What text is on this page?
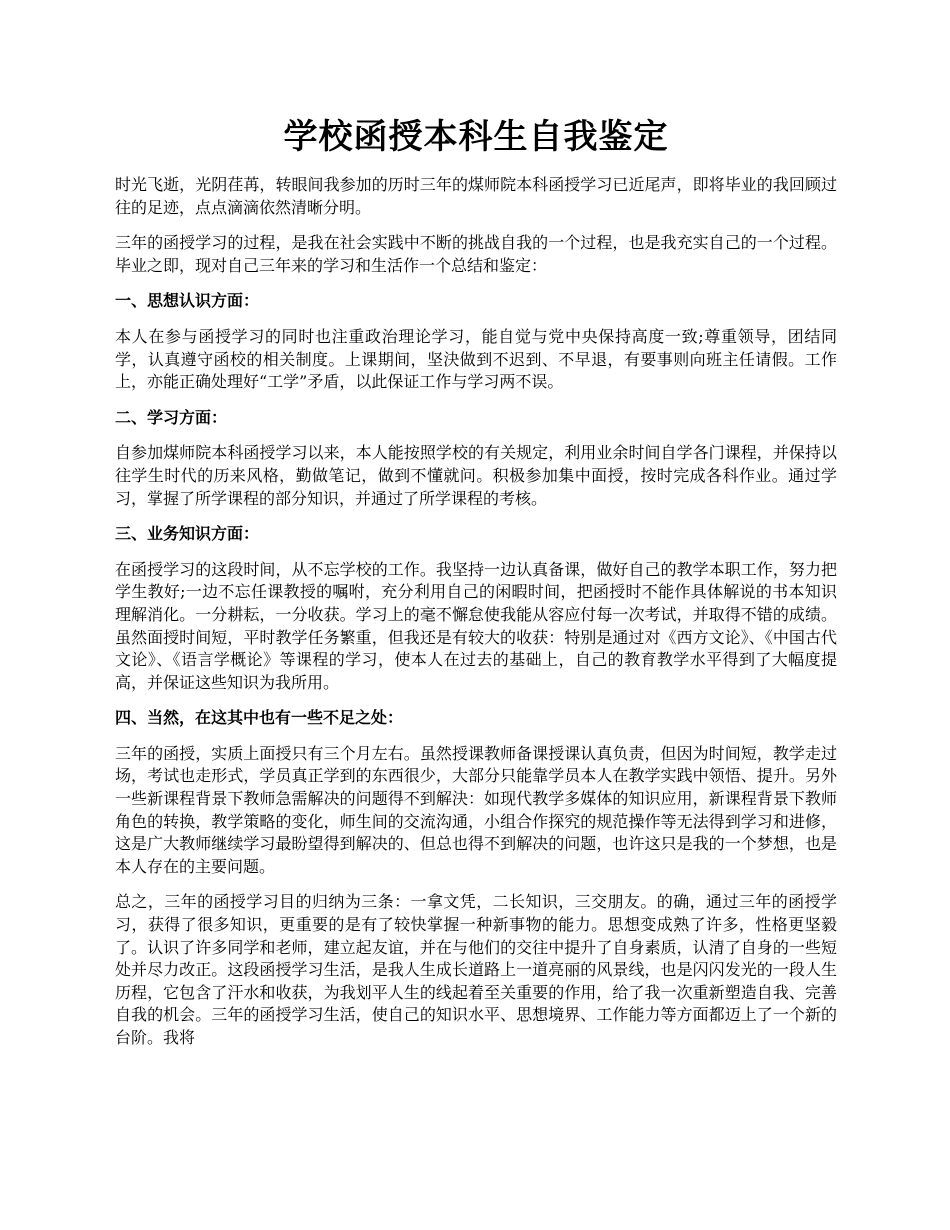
学校函授本科生自我鉴定

时光飞逝，光阴荏苒，转眼间我参加的历时三年的煤师院本科函授学习已近尾声，即将毕业的我回顾过往的足迹，点点滴滴依然清晰分明。

三年的函授学习的过程，是我在社会实践中不断的挑战自我的一个过程，也是我充实自己的一个过程。毕业之即，现对自己三年来的学习和生活作一个总结和鉴定：

一、思想认识方面：

本人在参与函授学习的同时也注重政治理论学习，能自觉与党中央保持高度一致;尊重领导，团结同学，认真遵守函校的相关制度。上课期间，坚決做到不迟到、不早退，有要事则向班主任请假。工作上，亦能正确处理好“工学”矛盾，以此保证工作与学习两不误。

二、学习方面：

自参加煤师院本科函授学习以来，本人能按照学校的有关规定，利用业余时间自学各门课程，并保持以往学生时代的历来风格，勤做笔记，做到不懂就问。积极参加集中面授，按时完成各科作业。通过学习，掌握了所学课程的部分知识，并通过了所学课程的考核。

三、业务知识方面：

在函授学习的这段时间，从不忘学校的工作。我坚持一边认真备课，做好自己的教学本职工作，努力把学生教好;一边不忘任课教授的嘱咐，充分利用自己的闲暇时间，把函授时不能作具体解说的书本知识理解消化。一分耕耘，一分收获。学习上的毫不懈怠使我能从容应付每一次考试，并取得不错的成绩。虽然面授时间短，平时教学任务繁重，但我还是有较大的收获：特别是通过对《西方文论》、《中国古代文论》、《语言学概论》等课程的学习，使本人在过去的基础上，自己的教育教学水平得到了大幅度提高，并保证这些知识为我所用。

四、当然，在这其中也有一些不足之处：

三年的函授，实质上面授只有三个月左右。虽然授课教师备课授课认真负责，但因为时间短，教学走过场，考试也走形式，学员真正学到的东西很少，大部分只能靠学员本人在教学实践中领悟、提升。另外一些新课程背景下教师急需解决的问题得不到解決：如现代教学多媒体的知识应用，新课程背景下教师角色的转换，教学策略的变化，师生间的交流沟通，小组合作探究的规范操作等无法得到学习和进修，这是广大教师继续学习最盼望得到解决的、但总也得不到解决的问题，也许这只是我的一个梦想，也是本人存在的主要问题。

总之，三年的函授学习目的归纳为三条：一拿文凭，二长知识，三交朋友。的确，通过三年的函授学习，获得了很多知识，更重要的是有了较快掌握一种新事物的能力。思想变成熟了许多，性格更坚毅了。认识了许多同学和老师，建立起友谊，并在与他们的交往中提升了自身素质，认清了自身的一些短处并尽力改正。这段函授学习生活，是我人生成长道路上一道亮丽的风景线，也是闪闪发光的一段人生历程，它包含了汗水和收获，为我划平人生的线起着至关重要的作用，给了我一次重新塑造自我、完善自我的机会。三年的函授学习生活，使自己的知识水平、思想境界、工作能力等方面都迈上了一个新的台阶。我将
